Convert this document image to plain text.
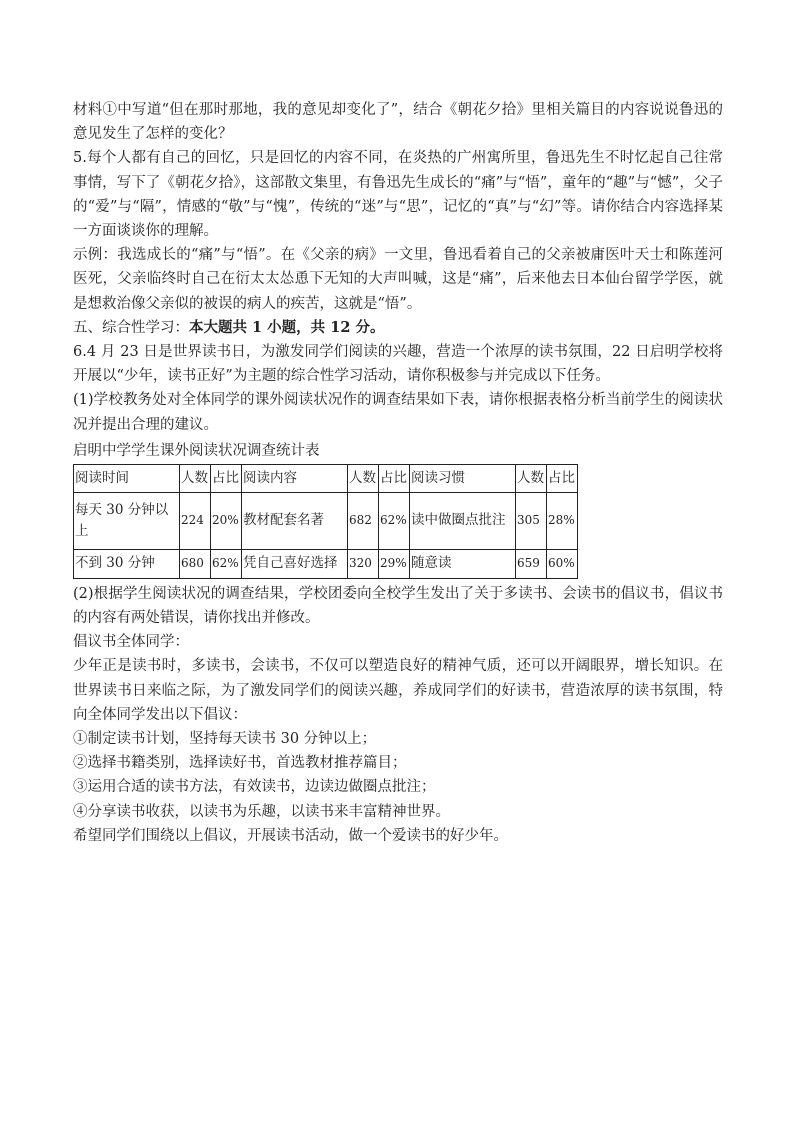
材料①中写道“但在那时那地，我的意见却变化了”，结合《朝花夕拾》里相关篇目的内容说说鲁迅的意见发生了怎样的变化？

5.每个人都有自己的回忆，只是回忆的内容不同，在炎热的广州寓所里，鲁迅先生不时忆起自己往常事情，写下了《朝花夕拾》，这部散文集里，有鲁迅先生成长的“痛”与“悟”，童年的“趣”与“憾”，父子的“爱”与“隔”，情感的“敬”与“愧”，传统的“迷”与“思”，记忆的“真”与“幻”等。请你结合内容选择某一方面谈谈你的理解。

示例：我选成长的“痛”与“悟”。在《父亲的病》一文里，鲁迅看着自己的父亲被庸医叶天士和陈莲河医死，父亲临终时自己在衍太太怂恿下无知的大声叫喊，这是“痛”，后来他去日本仙台留学学医，就是想救治像父亲似的被误的病人的疾苦，这就是“悟”。

五、综合性学习：本大题共 1 小题，共 12 分。

6.4 月 23 日是世界读书日，为激发同学们阅读的兴趣，营造一个浓厚的读书氛围，22 日启明学校将开展以“少年，读书正好”为主题的综合性学习活动，请你积极参与并完成以下任务。

(1)学校教务处对全体同学的课外阅读状况作的调查结果如下表，请你根据表格分析当前学生的阅读状况并提出合理的建议。

启明中学学生课外阅读状况调查统计表

阅读时间	人数	占比	阅读内容	人数	占比	阅读习惯	人数	占比
每天 30 分钟以上	224	20%	教材配套名著	682	62%	读中做圈点批注	305	28%
不到 30 分钟	680	62%	凭自己喜好选择	320	29%	随意读	659	60%

(2)根据学生阅读状况的调查结果，学校团委向全校学生发出了关于多读书、会读书的倡议书，倡议书的内容有两处错误，请你找出并修改。

倡议书全体同学：

少年正是读书时，多读书，会读书，不仅可以塑造良好的精神气质，还可以开阔眼界，增长知识。在世界读书日来临之际，为了激发同学们的阅读兴趣，养成同学们的好读书，营造浓厚的读书氛围，特向全体同学发出以下倡议：

①制定读书计划，坚持每天读书 30 分钟以上；

②选择书籍类别，选择读好书，首选教材推荐篇目；

③运用合适的读书方法，有效读书，边读边做圈点批注；

④分享读书收获，以读书为乐趣，以读书来丰富精神世界。

希望同学们围绕以上倡议，开展读书活动，做一个爱读书的好少年。
